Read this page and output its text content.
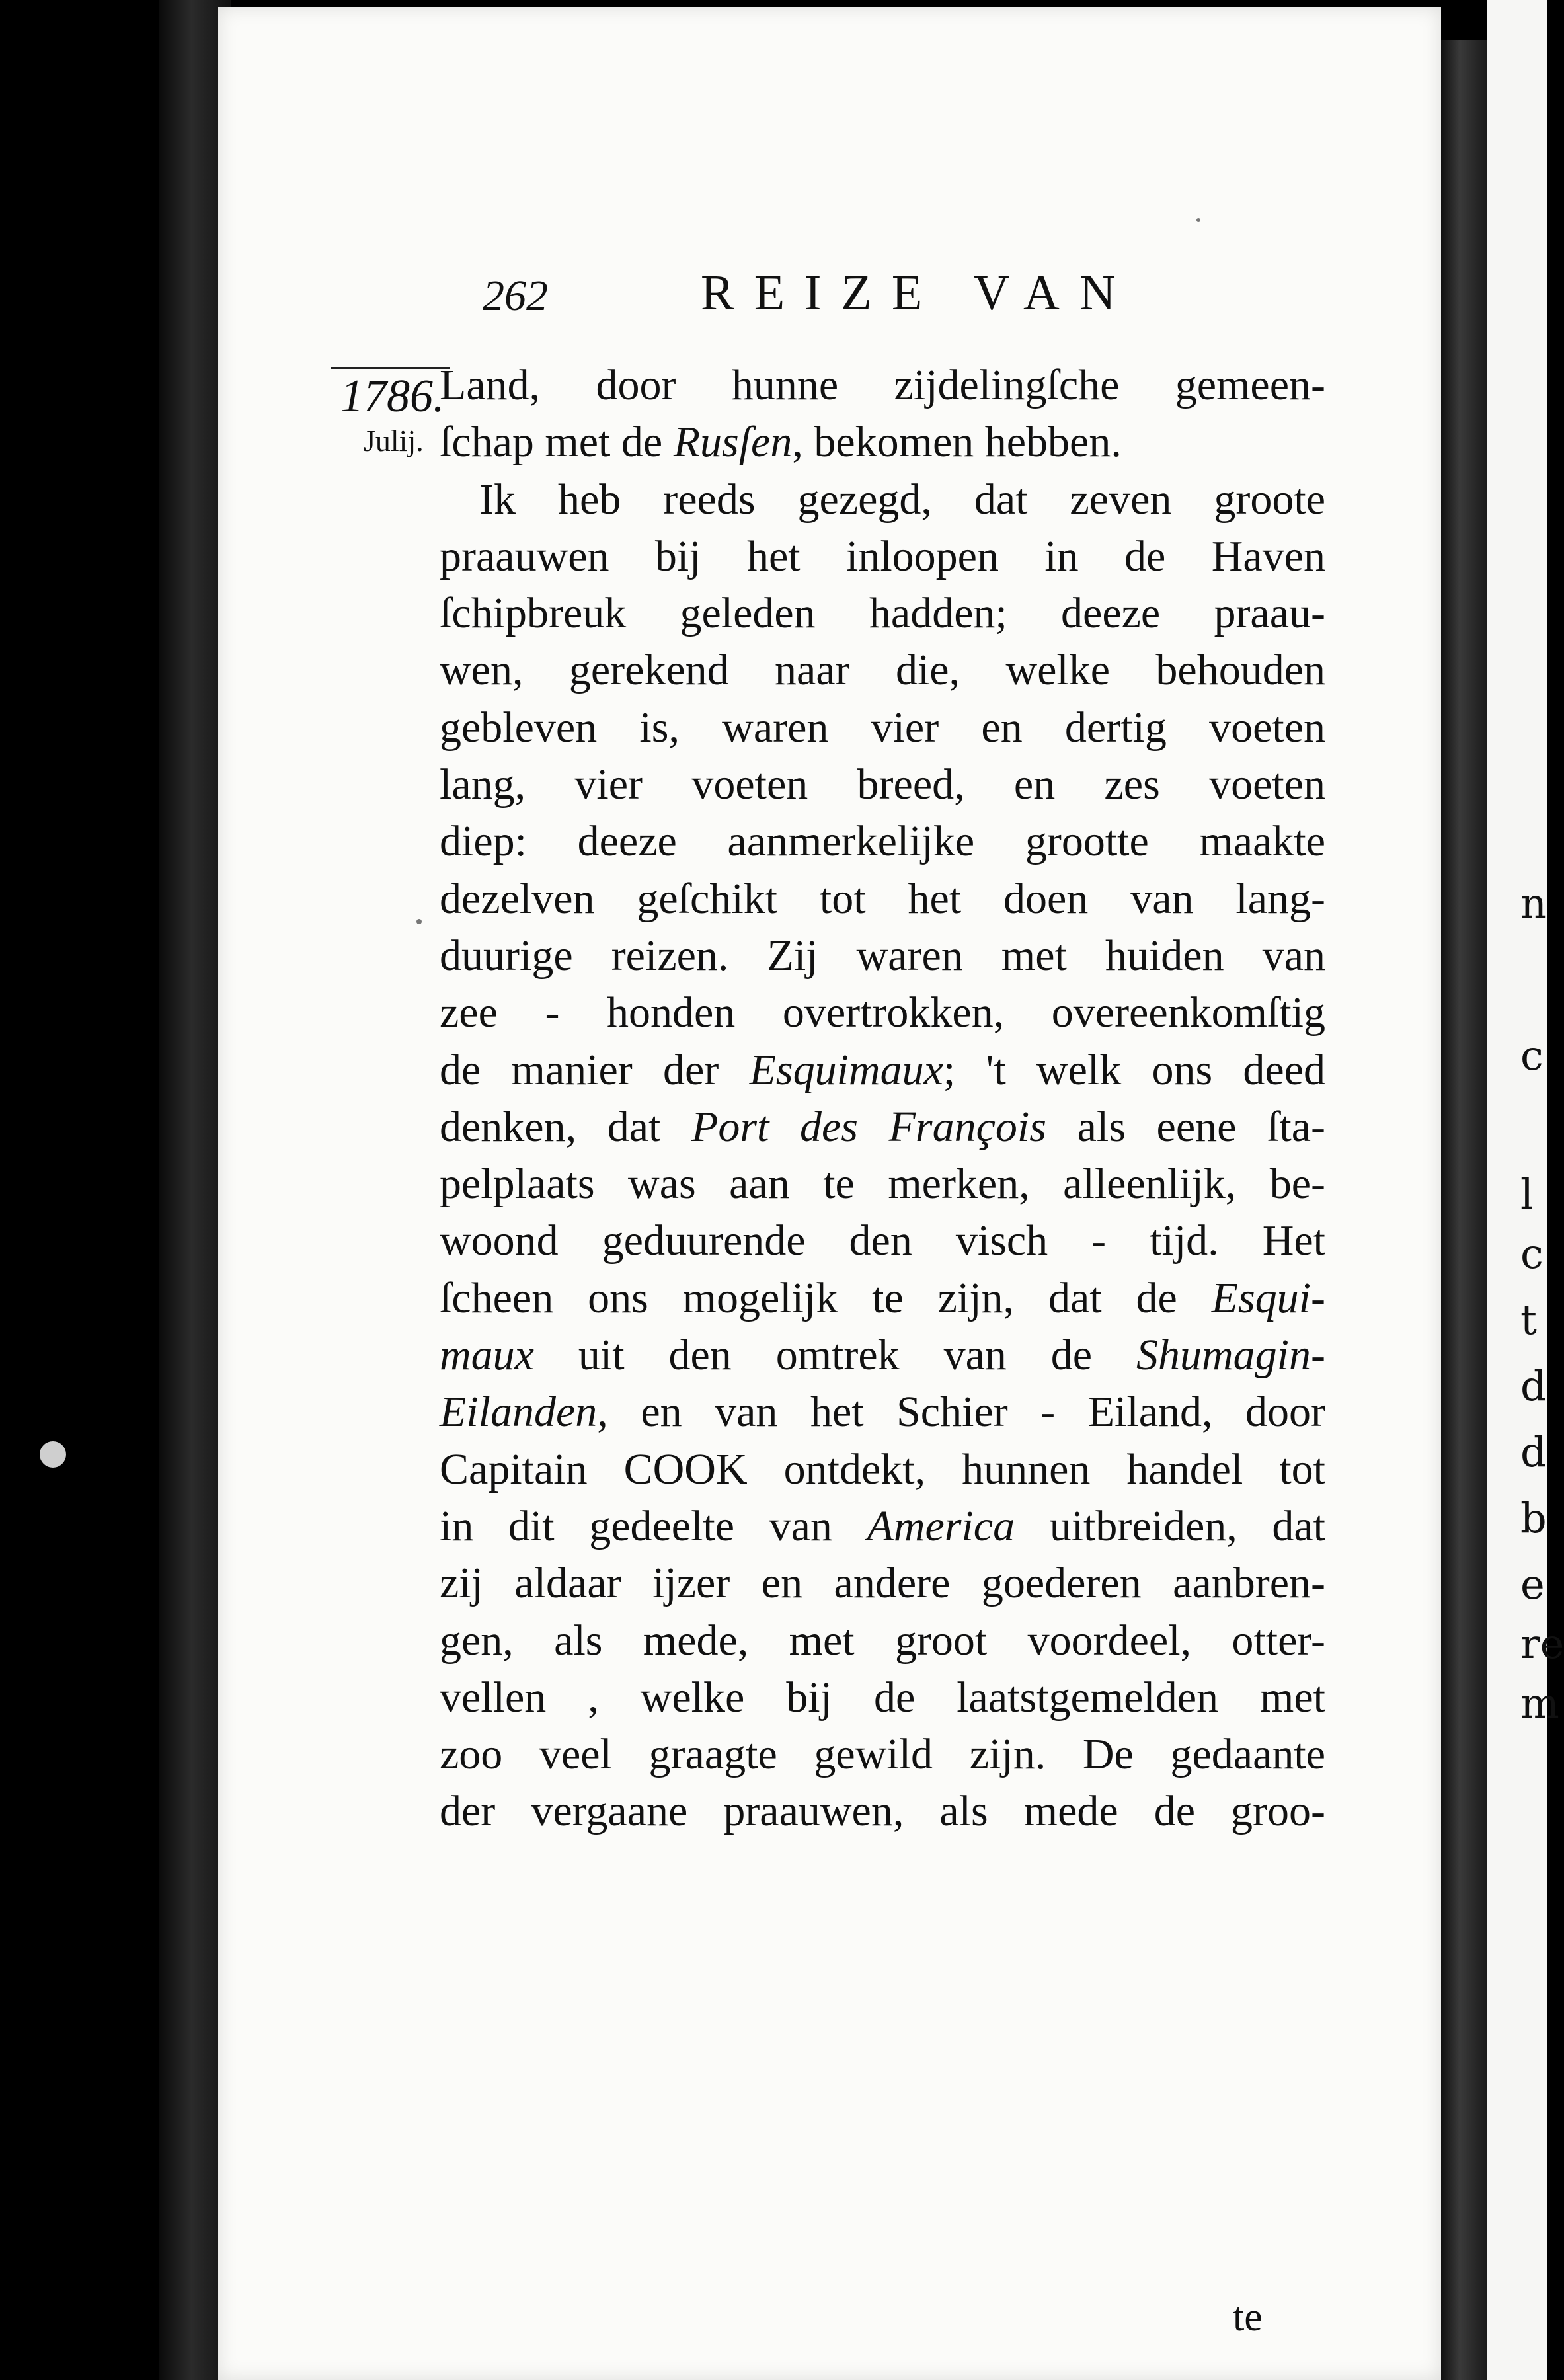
n
c
l
c
t
d
d
b
e
re
m
262	REIZE VAN
1786.
Julij.
Land, door hunne zijdelingſche gemeen-
ſchap met de Rusſen, bekomen hebben.
Ik heb reeds gezegd, dat zeven groote
praauwen bij het inloopen in de Haven
ſchipbreuk geleden hadden; deeze praau-
wen, gerekend naar die, welke behouden
gebleven is, waren vier en dertig voeten
lang, vier voeten breed, en zes voeten
diep: deeze aanmerkelijke grootte maakte
dezelven geſchikt tot het doen van lang-
duurige reizen. Zij waren met huiden van
zee - honden overtrokken, overeenkomſtig
de manier der Esquimaux; 't welk ons deed
denken, dat Port des François als eene ſta-
pelplaats was aan te merken, alleenlijk, be-
woond geduurende den visch - tijd. Het
ſcheen ons mogelijk te zijn, dat de Esqui-
maux uit den omtrek van de Shumagin-
Eilanden, en van het Schier - Eiland, door
Capitain COOK ontdekt, hunnen handel tot
in dit gedeelte van America uitbreiden, dat
zij aldaar ijzer en andere goederen aanbren-
gen, als mede, met groot voordeel, otter-
vellen , welke bij de laatstgemelden met
zoo veel graagte gewild zijn. De gedaante
der vergaane praauwen, als mede de groo-
te
